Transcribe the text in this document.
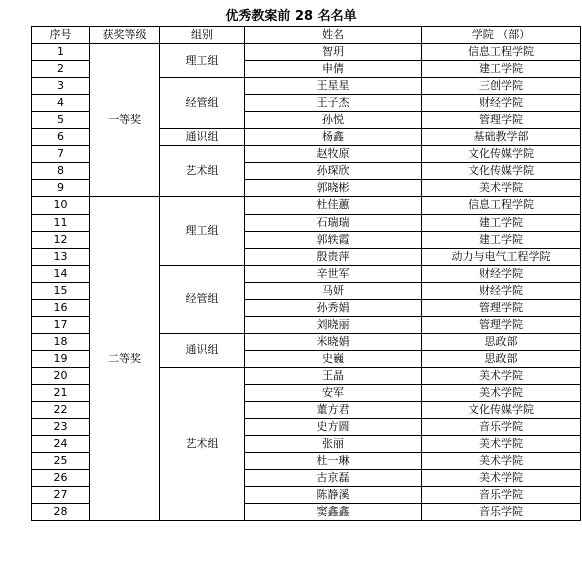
优秀教案前 28 名名单
序号	获奖等级	组别	姓名	学院 （部）
1	一等奖	理工组	智玥	信息工程学院
2			申倩	建工学院
3		经管组	王星星	三创学院
4			王子杰	财经学院
5			孙悦	管理学院
6		通识组	杨鑫	基础教学部
7		艺术组	赵牧原	文化传媒学院
8			孙琛欣	文化传媒学院
9			郭晓彬	美术学院
10	二等奖	理工组	杜佳蕙	信息工程学院
11			石瑞瑞	建工学院
12			郭轶霞	建工学院
13			殷贵萍	动力与电气工程学院
14		经管组	辛世军	财经学院
15			马妍	财经学院
16			孙秀娟	管理学院
17			刘晓丽	管理学院
18		通识组	米晓娟	思政部
19			史巍	思政部
20		艺术组	王晶	美术学院
21			安军	美术学院
22			董方君	文化传媒学院
23			史方圆	音乐学院
24			张丽	美术学院
25			杜一琳	美术学院
26			古京磊	美术学院
27			陈静溪	音乐学院
28			窦鑫鑫	音乐学院
